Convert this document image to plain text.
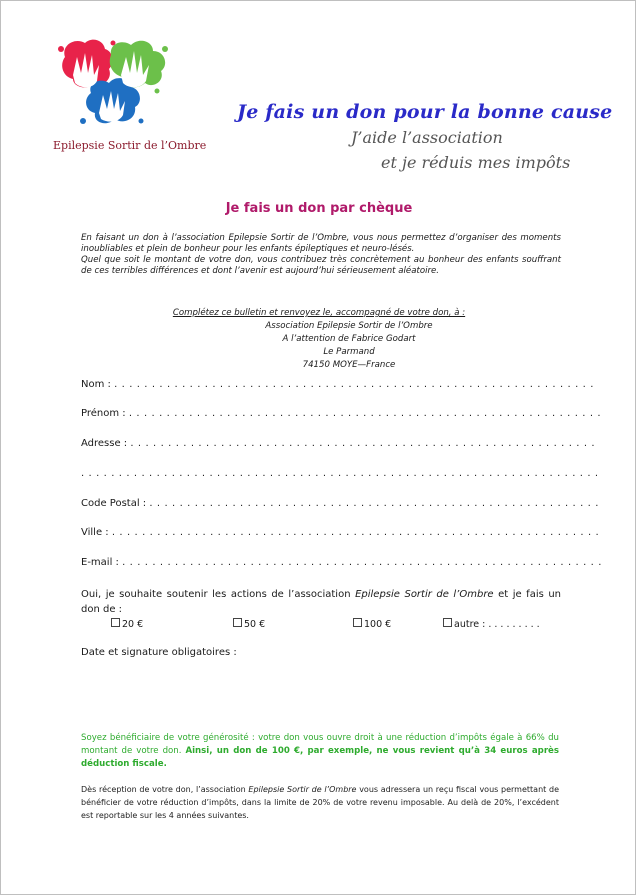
Epilepsie Sortir de l’Ombre
Je fais un don pour la bonne cause
J’aide l’association
et je réduis mes impôts
Je fais un don par chèque

En faisant un don à l’association Epilepsie Sortir de l’Ombre, vous nous permettez d’organiser des moments inoubliables et plein de bonheur pour les enfants épileptiques et neuro-lésés.

Quel que soit le montant de votre don, vous contribuez très concrètement au bonheur des enfants souffrant de ces terribles différences et dont l’avenir est aujourd’hui sérieusement aléatoire.

Complétez ce bulletin et renvoyez le, accompagné de votre don, à :
Association Epilepsie Sortir de l’Ombre
A l’attention de Fabrice Godart
Le Parmand
74150 MOYE—France
Nom : . . . . . . . . . . . . . . . . . . . . . . . . . . . . . . . . . . . . . . . . . . . . . . . . . . . . . . . . . . . . . . . .
Prénom : . . . . . . . . . . . . . . . . . . . . . . . . . . . . . . . . . . . . . . . . . . . . . . . . . . . . . . . . . . . . . . .
Adresse : . . . . . . . . . . . . . . . . . . . . . . . . . . . . . . . . . . . . . . . . . . . . . . . . . . . . . . . . . . . . . .
. . . . . . . . . . . . . . . . . . . . . . . . . . . . . . . . . . . . . . . . . . . . . . . . . . . . . . . . . . . . . . . . . . . . .
Code Postal : . . . . . . . . . . . . . . . . . . . . . . . . . . . . . . . . . . . . . . . . . . . . . . . . . . . . . . . . . . . .
Ville : . . . . . . . . . . . . . . . . . . . . . . . . . . . . . . . . . . . . . . . . . . . . . . . . . . . . . . . . . . . . . . . . .
E-mail : . . . . . . . . . . . . . . . . . . . . . . . . . . . . . . . . . . . . . . . . . . . . . . . . . . . . . . . . . . . . . . . .
Oui, je souhaite soutenir les actions de l’association Epilepsie Sortir de l’Ombre et je fais un don de :
20 €	50 €	100 €	autre : . . . . . . . . .
Date et signature obligatoires :
Soyez bénéficiaire de votre générosité : votre don vous ouvre droit à une réduction d’impôts égale à 66% du montant de votre don. Ainsi, un don de 100 €, par exemple, ne vous revient qu’à 34 euros après déduction fiscale.
Dès réception de votre don, l’association Epilepsie Sortir de l’Ombre vous adressera un reçu fiscal vous permettant de bénéficier de votre réduction d’impôts, dans la limite de 20% de votre revenu imposable. Au delà de 20%, l’excédent est reportable sur les 4 années suivantes.
